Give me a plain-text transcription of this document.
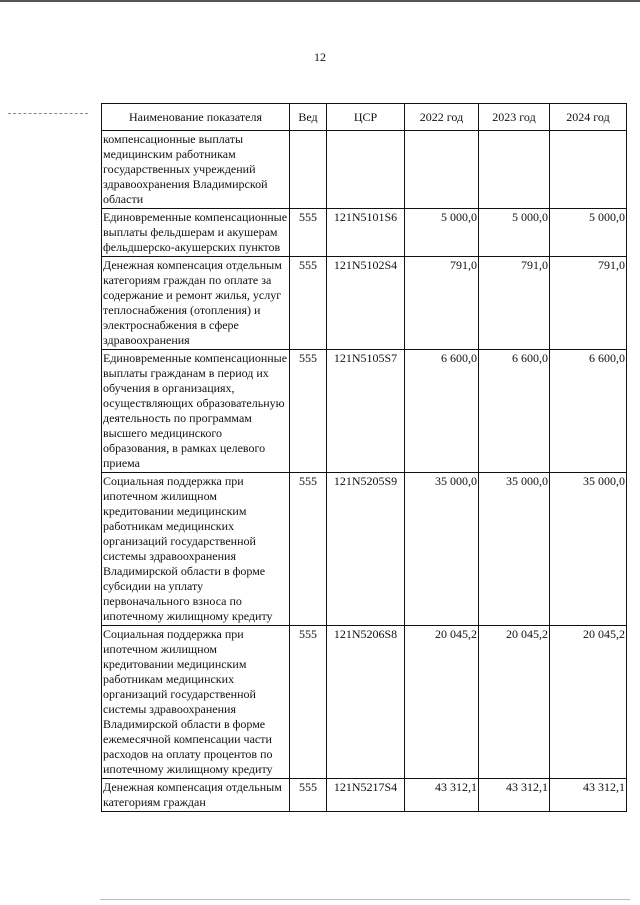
12
Наименование показателя	Вед	ЦСР	2022 год	2023 год	2024 год
компенсационные выплаты медицинским работникам государственных учреждений здравоохранения Владимирской области					
Единовременные компенсационные выплаты фельдшерам и акушерам фельдшерско-акушерских пунктов	555	121N5101S6	5 000,0	5 000,0	5 000,0
Денежная компенсация отдельным категориям граждан по оплате за содержание и ремонт жилья, услуг теплоснабжения (отопления) и электроснабжения в сфере здравоохранения	555	121N5102S4	791,0	791,0	791,0
Единовременные компенсационные выплаты гражданам в период их обучения в организациях, осуществляющих образовательную деятельность по программам высшего медицинского образования, в рамках целевого приема	555	121N5105S7	6 600,0	6 600,0	6 600,0
Социальная поддержка при ипотечном жилищном кредитовании медицинским работникам медицинских организаций государственной системы здравоохранения Владимирской области в форме субсидии на уплату первоначального взноса по ипотечному жилищному кредиту	555	121N5205S9	35 000,0	35 000,0	35 000,0
Социальная поддержка при ипотечном жилищном кредитовании медицинским работникам медицинских организаций государственной системы здравоохранения Владимирской области в форме ежемесячной компенсации части расходов на оплату процентов по ипотечному жилищному кредиту	555	121N5206S8	20 045,2	20 045,2	20 045,2
Денежная компенсация отдельным категориям граждан	555	121N5217S4	43 312,1	43 312,1	43 312,1
